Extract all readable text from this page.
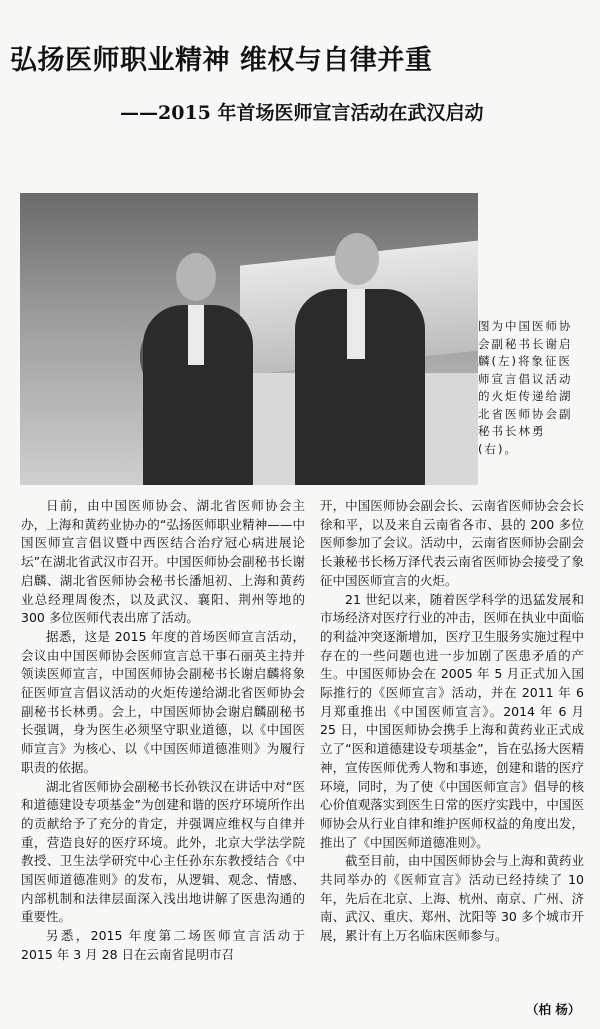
弘扬医师职业精神 维权与自律并重
——2015 年首场医师宣言活动在武汉启动
图为中国医师协会副秘书长谢启麟(左)将象征医师宣言倡议活动的火炬传递给湖北省医师协会副秘书长林勇(右)。

日前，由中国医师协会、湖北省医师协会主办，上海和黄药业协办的“弘扬医师职业精神——中国医师宣言倡议暨中西医结合治疗冠心病进展论坛”在湖北省武汉市召开。中国医师协会副秘书长谢启麟、湖北省医师协会秘书长潘旭初、上海和黄药业总经理周俊杰，以及武汉、襄阳、荆州等地的 300 多位医师代表出席了活动。

据悉，这是 2015 年度的首场医师宣言活动，会议由中国医师协会医师宣言总干事石丽英主持并领读医师宣言，中国医师协会副秘书长谢启麟将象征医师宣言倡议活动的火炬传递给湖北省医师协会副秘书长林勇。会上，中国医师协会谢启麟副秘书长强调，身为医生必须坚守职业道德，以《中国医师宣言》为核心、以《中国医师道德准则》为履行职责的依据。

湖北省医师协会副秘书长孙铁汉在讲话中对“医和道德建设专项基金”为创建和谐的医疗环境所作出的贡献给予了充分的肯定，并强调应维权与自律并重，营造良好的医疗环境。此外，北京大学法学院教授、卫生法学研究中心主任孙东东教授结合《中国医师道德准则》的发布，从逻辑、观念、情感、内部机制和法律层面深入浅出地讲解了医患沟通的重要性。

另悉，2015 年度第二场医师宣言活动于 2015 年 3 月 28 日在云南省昆明市召

开，中国医师协会副会长、云南省医师协会会长徐和平，以及来自云南省各市、县的 200 多位医师参加了会议。活动中，云南省医师协会副会长兼秘书长杨万泽代表云南省医师协会接受了象征中国医师宣言的火炬。

21 世纪以来，随着医学科学的迅猛发展和市场经济对医疗行业的冲击，医师在执业中面临的利益冲突逐渐增加，医疗卫生服务实施过程中存在的一些问题也进一步加剧了医患矛盾的产生。中国医师协会在 2005 年 5 月正式加入国际推行的《医师宣言》活动，并在 2011 年 6 月郑重推出《中国医师宣言》。2014 年 6 月 25 日，中国医师协会携手上海和黄药业正式成立了“医和道德建设专项基金”，旨在弘扬大医精神，宣传医师优秀人物和事迹，创建和谐的医疗环境，同时，为了使《中国医师宣言》倡导的核心价值观落实到医生日常的医疗实践中，中国医师协会从行业自律和维护医师权益的角度出发，推出了《中国医师道德准则》。

截至目前，由中国医师协会与上海和黄药业共同举办的《医师宣言》活动已经持续了 10 年，先后在北京、上海、杭州、南京、广州、济南、武汉、重庆、郑州、沈阳等 30 多个城市开展，累计有上万名临床医师参与。

（柏 杨）
